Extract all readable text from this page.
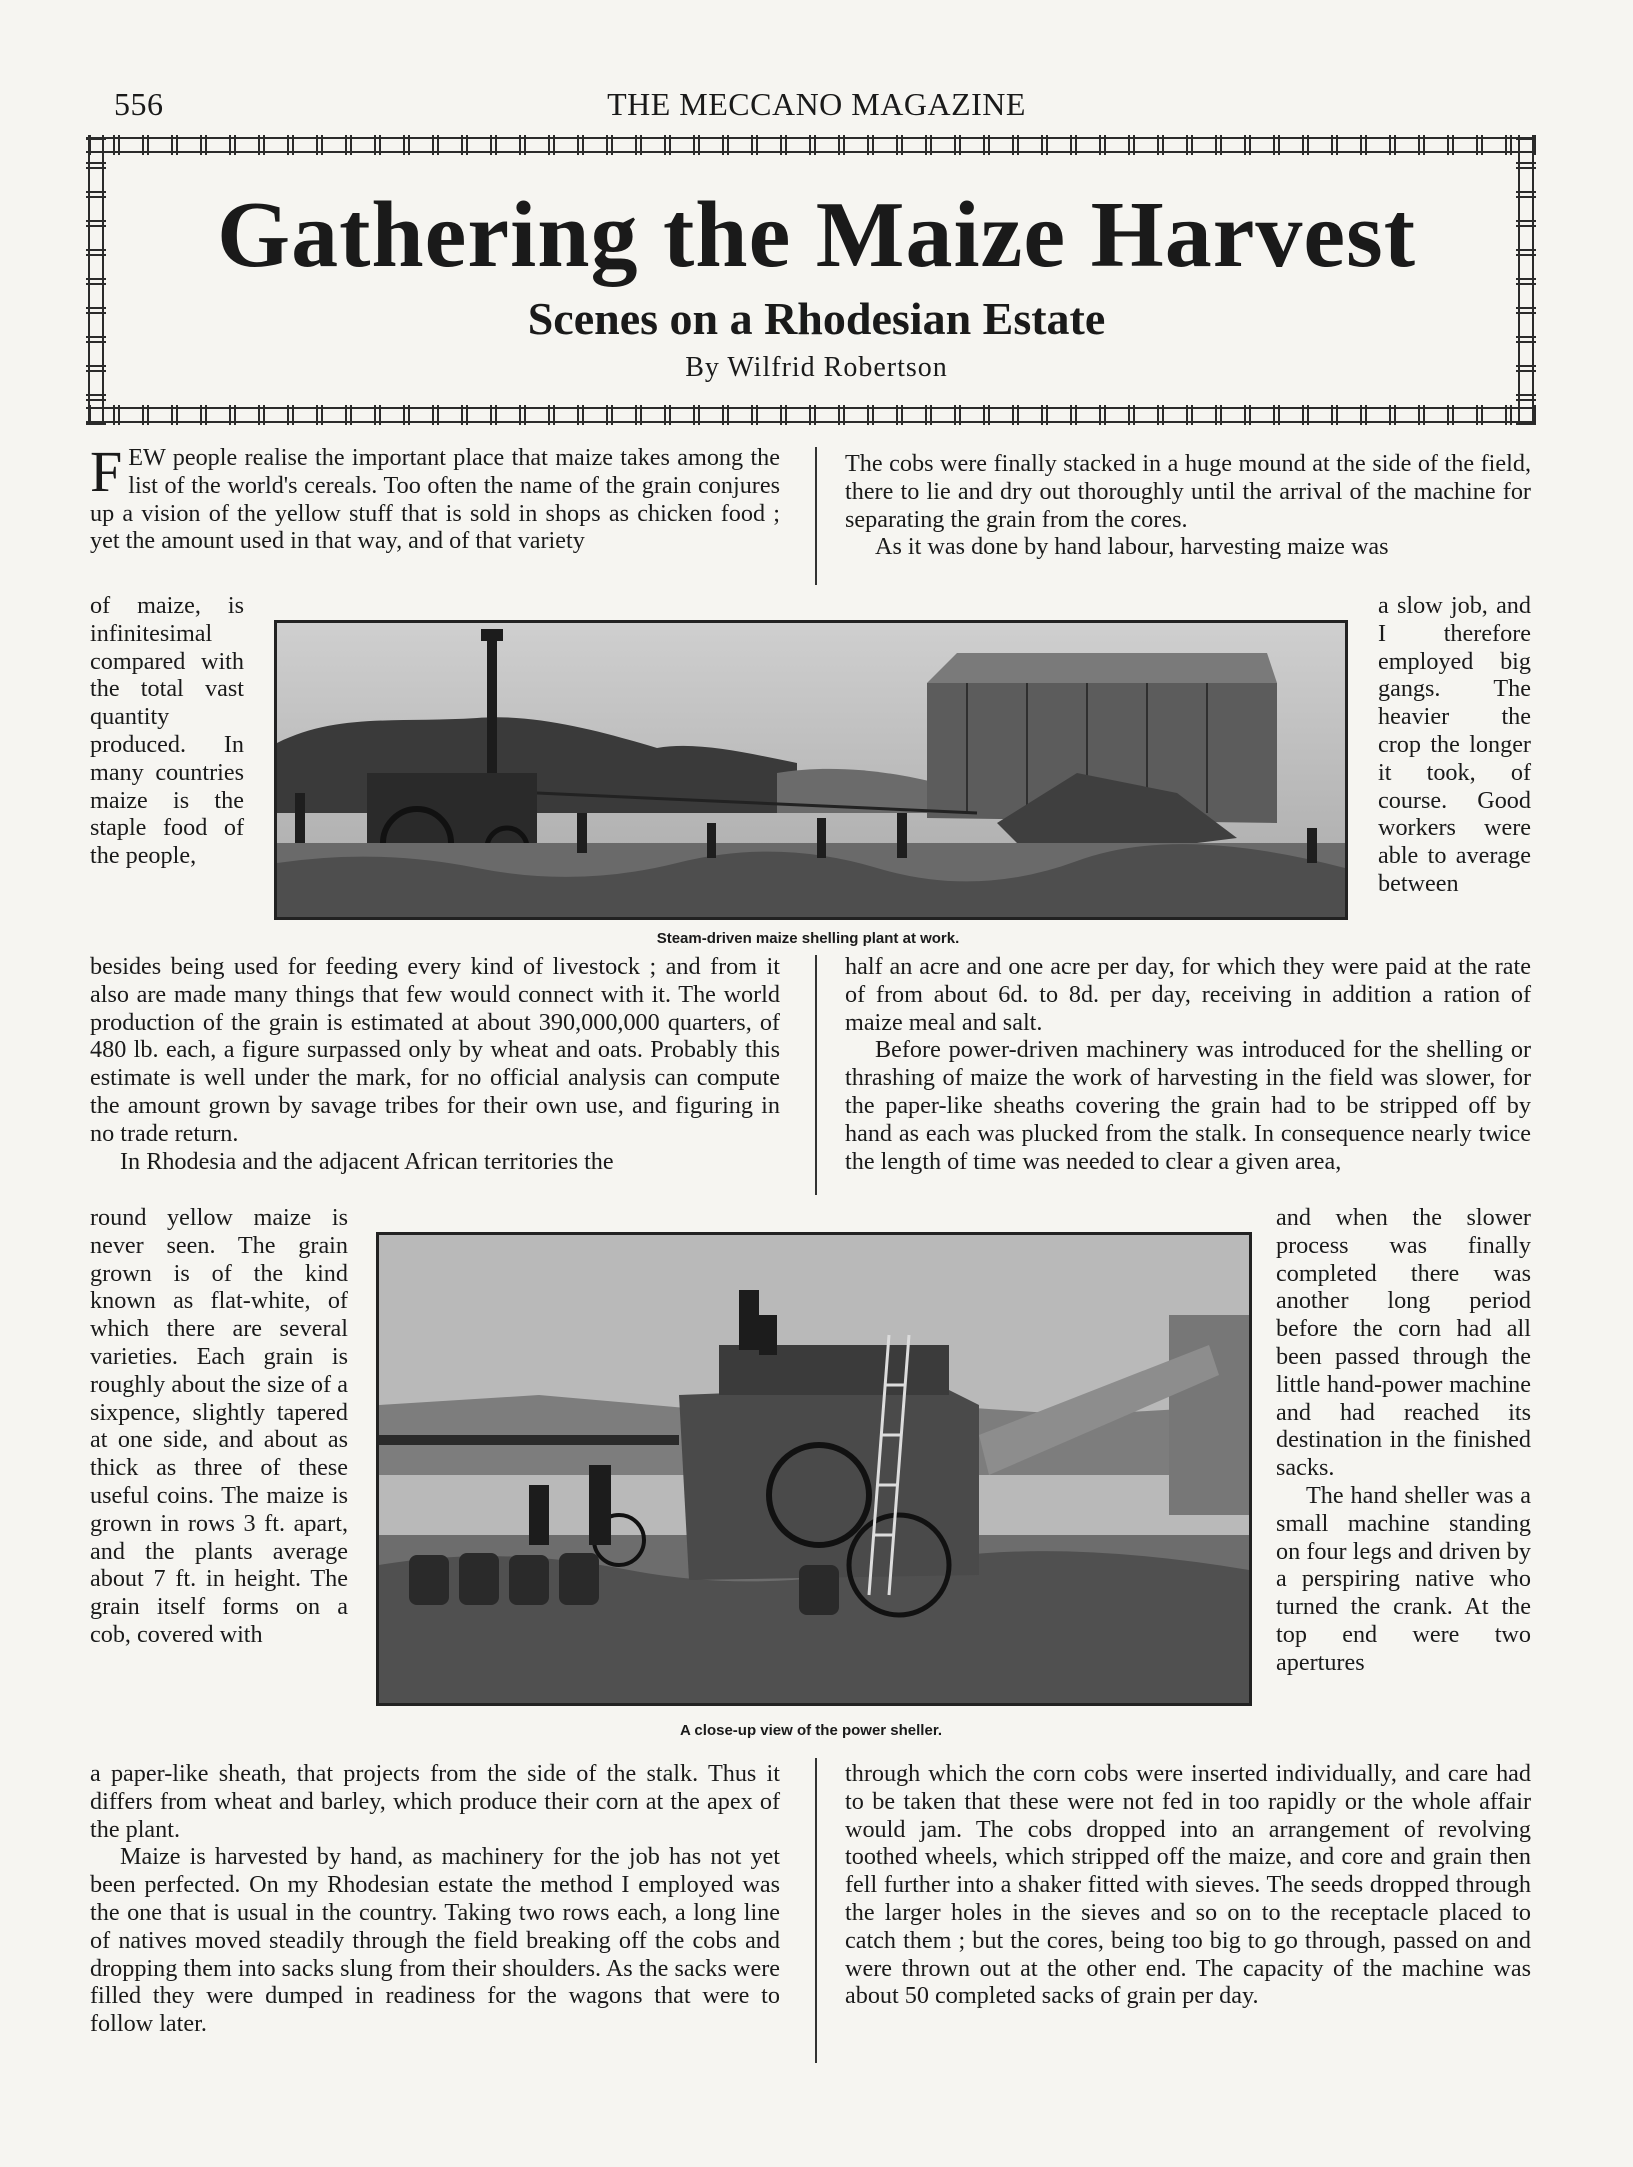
556	THE MECCANO MAGAZINE
Gathering the Maize Harvest
Scenes on a Rhodesian Estate
By Wilfrid Robertson

FEW people realise the important place that maize takes among the list of the world's cereals. Too often the name of the grain conjures up a vision of the yellow stuff that is sold in shops as chicken food ; yet the amount used in that way, and of that variety

of maize, is infinitesimal compared with the total vast quantity produced. In many countries maize is the staple food of the people,

besides being used for feeding every kind of livestock ; and from it also are made many things that few would connect with it. The world production of the grain is estimated at about 390,000,000 quarters, of 480 lb. each, a figure surpassed only by wheat and oats. Probably this estimate is well under the mark, for no official analysis can compute the amount grown by savage tribes for their own use, and figuring in no trade return.

In Rhodesia and the adjacent African territories the

round yellow maize is never seen. The grain grown is of the kind known as flat-white, of which there are several varieties. Each grain is roughly about the size of a sixpence, slightly tapered at one side, and about as thick as three of these useful coins. The maize is grown in rows 3 ft. apart, and the plants average about 7 ft. in height. The grain itself forms on a cob, covered with

a paper-like sheath, that projects from the side of the stalk. Thus it differs from wheat and barley, which produce their corn at the apex of the plant.

Maize is harvested by hand, as machinery for the job has not yet been perfected. On my Rhodesian estate the method I employed was the one that is usual in the country. Taking two rows each, a long line of natives moved steadily through the field breaking off the cobs and dropping them into sacks slung from their shoulders. As the sacks were filled they were dumped in readiness for the wagons that were to follow later.

The cobs were finally stacked in a huge mound at the side of the field, there to lie and dry out thoroughly until the arrival of the machine for separating the grain from the cores.

As it was done by hand labour, harvesting maize was

a slow job, and I therefore employed big gangs. The heavier the crop the longer it took, of course. Good workers were able to average between

half an acre and one acre per day, for which they were paid at the rate of from about 6d. to 8d. per day, receiving in addition a ration of maize meal and salt.

Before power-driven machinery was introduced for the shelling or thrashing of maize the work of harvesting in the field was slower, for the paper-like sheaths covering the grain had to be stripped off by hand as each was plucked from the stalk. In consequence nearly twice the length of time was needed to clear a given area,

and when the slower process was finally completed there was another long period before the corn had all been passed through the little hand-power machine and had reached its destination in the finished sacks.

The hand sheller was a small machine standing on four legs and driven by a perspiring native who turned the crank. At the top end were two apertures

through which the corn cobs were inserted individually, and care had to be taken that these were not fed in too rapidly or the whole affair would jam. The cobs dropped into an arrangement of revolving toothed wheels, which stripped off the maize, and core and grain then fell further into a shaker fitted with sieves. The seeds dropped through the larger holes in the sieves and so on to the receptacle placed to catch them ; but the cores, being too big to go through, passed on and were thrown out at the other end. The capacity of the machine was about 50 completed sacks of grain per day.

Steam-driven maize shelling plant at work.
A close-up view of the power sheller.
